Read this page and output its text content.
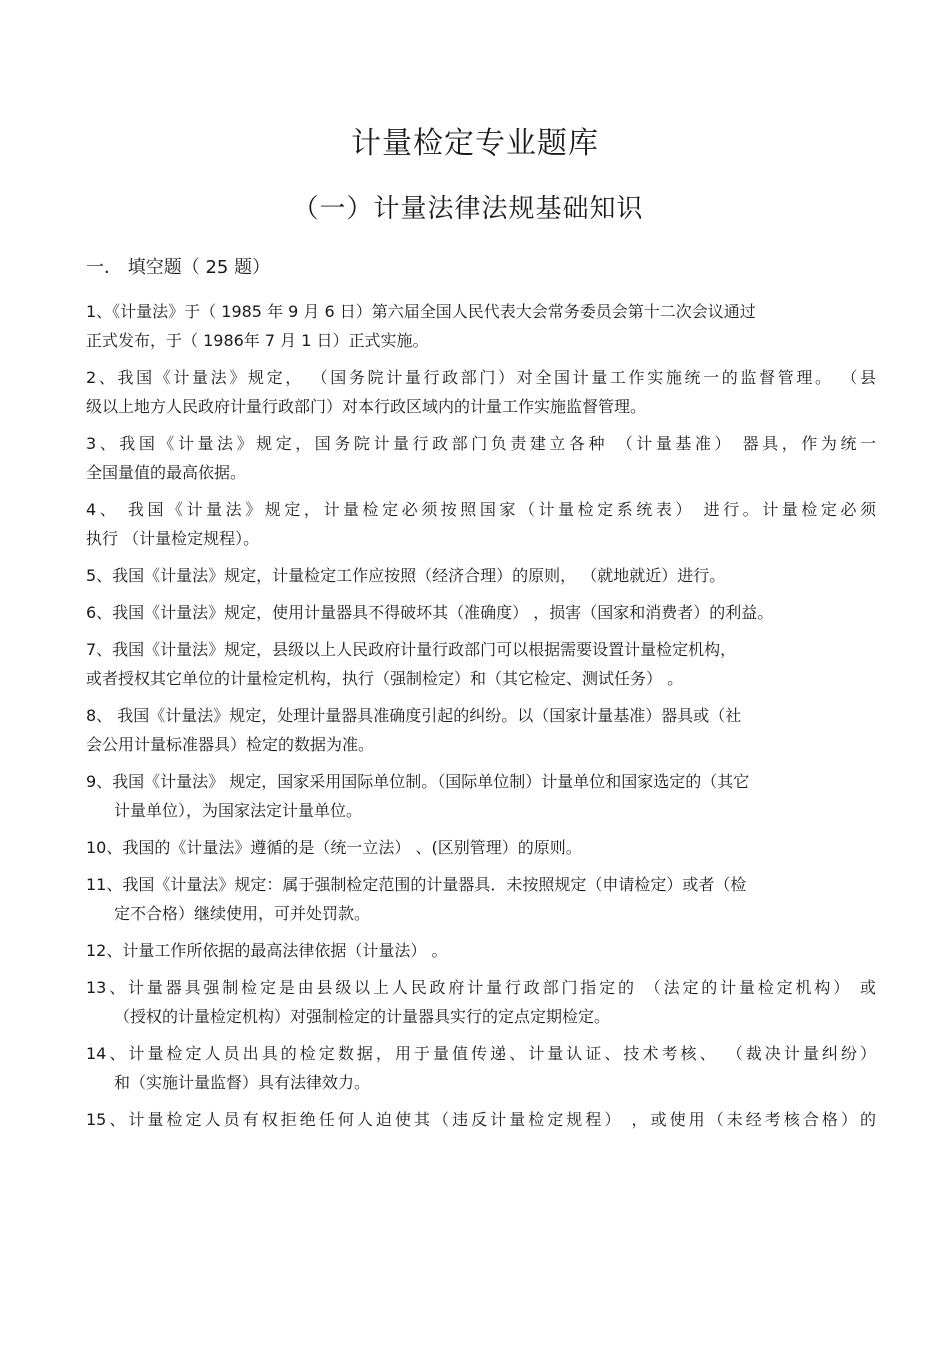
计量检定专业题库
（一）计量法律法规基础知识
一． 填空题（ 25 题）
1、《计量法》于（ 1985 年 9 月 6 日）第六届全国人民代表大会常务委员会第十二次会议通过
正式发布，于（ 1986年 7 月 1 日）正式实施。
2、我国《计量法》规定， （国务院计量行政部门）对全国计量工作实施统一的监督管理。 （县
级以上地方人民政府计量行政部门）对本行政区域内的计量工作实施监督管理。
3、我国《计量法》规定，国务院计量行政部门负责建立各种 （计量基准） 器具，作为统一
全国量值的最高依据。
4、 我国《计量法》规定，计量检定必须按照国家（计量检定系统表） 进行。计量检定必须
执行 （计量检定规程）。
5、我国《计量法》规定，计量检定工作应按照（经济合理）的原则， （就地就近）进行。
6、我国《计量法》规定，使用计量器具不得破坏其（准确度） ，损害（国家和消费者）的利益。
7、我国《计量法》规定，县级以上人民政府计量行政部门可以根据需要设置计量检定机构，
或者授权其它单位的计量检定机构，执行（强制检定）和（其它检定、测试任务） 。
8、 我国《计量法》规定，处理计量器具准确度引起的纠纷。以（国家计量基准）器具或（社
会公用计量标准器具）检定的数据为准。
9、我国《计量法》 规定，国家采用国际单位制。（国际单位制）计量单位和国家选定的（其它
计量单位），为国家法定计量单位。
10、我国的《计量法》遵循的是（统一立法） 、(区别管理）的原则。
11、我国《计量法》规定：属于强制检定范围的计量器具．未按照规定（申请检定）或者（检
定不合格）继续使用，可并处罚款。
12、计量工作所依据的最高法律依据（计量法） 。
13、计量器具强制检定是由县级以上人民政府计量行政部门指定的 （法定的计量检定机构） 或
（授权的计量检定机构）对强制检定的计量器具实行的定点定期检定。
14、计量检定人员出具的检定数据，用于量值传递、计量认证、技术考核、 （裁决计量纠纷）
和（实施计量监督）具有法律效力。
15、计量检定人员有权拒绝任何人迫使其（违反计量检定规程） ，或使用（未经考核合格）的
